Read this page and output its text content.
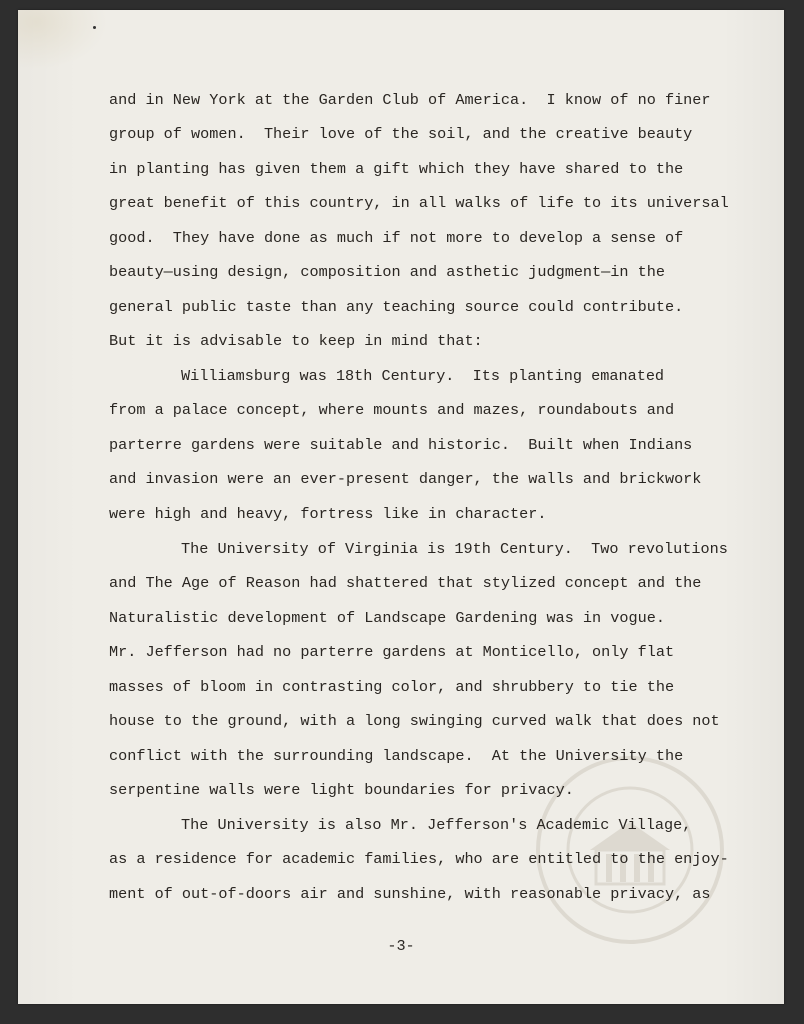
and in New York at the Garden Club of America.  I know of no finer
group of women.  Their love of the soil, and the creative beauty
in planting has given them a gift which they have shared to the
great benefit of this country, in all walks of life to its universal
good.  They have done as much if not more to develop a sense of
beauty—using design, composition and asthetic judgment—in the
general public taste than any teaching source could contribute.
But it is advisable to keep in mind that:
Williamsburg was 18th Century.  Its planting emanated
from a palace concept, where mounts and mazes, roundabouts and
parterre gardens were suitable and historic.  Built when Indians
and invasion were an ever-present danger, the walls and brickwork
were high and heavy, fortress like in character.
The University of Virginia is 19th Century.  Two revolutions
and The Age of Reason had shattered that stylized concept and the
Naturalistic development of Landscape Gardening was in vogue.
Mr. Jefferson had no parterre gardens at Monticello, only flat
masses of bloom in contrasting color, and shrubbery to tie the
house to the ground, with a long swinging curved walk that does not
conflict with the surrounding landscape.  At the University the
serpentine walls were light boundaries for privacy.
The University is also Mr. Jefferson's Academic Village,
as a residence for academic families, who are entitled to the enjoy-
ment of out-of-doors air and sunshine, with reasonable privacy, as
-3-
